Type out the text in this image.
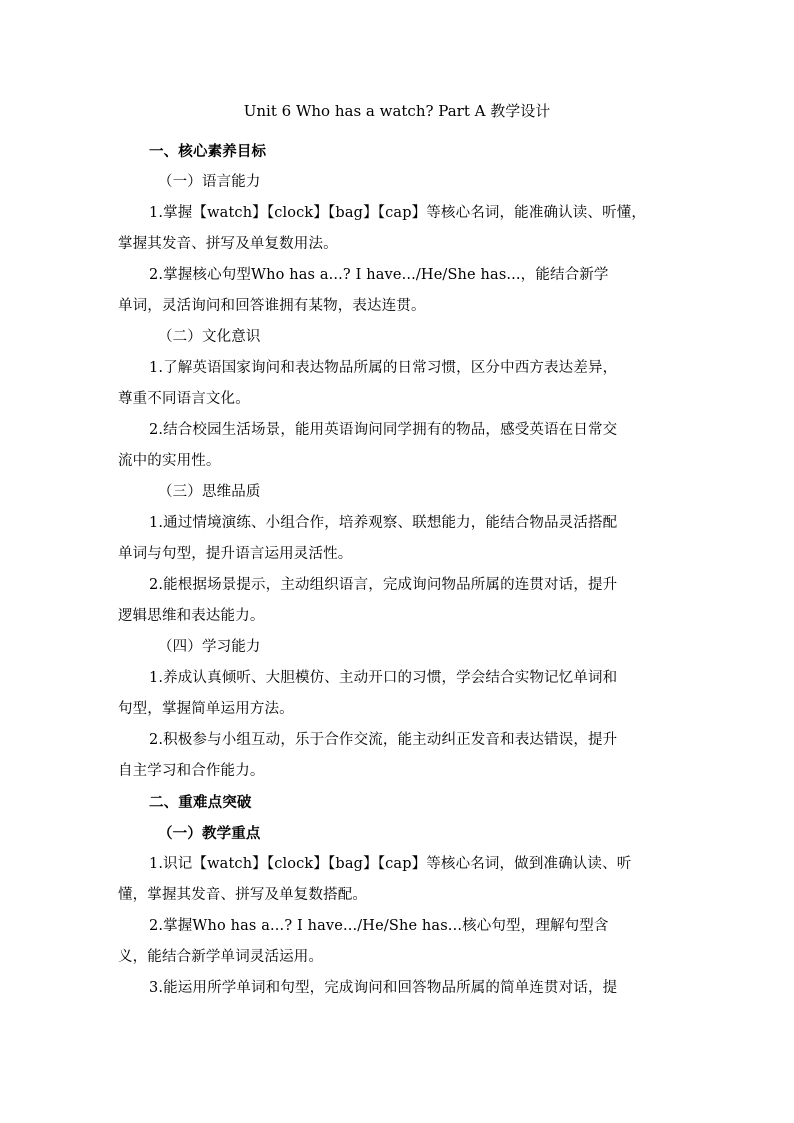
Unit 6 Who has a watch? Part A 教学设计

一、核心素养目标

（一）语言能力

1.掌握【watch】【clock】【bag】【cap】等核心名词，能准确认读、听懂，

掌握其发音、拼写及单复数用法。

2.掌握核心句型Who has a...? I have.../He/She has...，能结合新学

单词，灵活询问和回答谁拥有某物，表达连贯。

（二）文化意识

1.了解英语国家询问和表达物品所属的日常习惯，区分中西方表达差异，

尊重不同语言文化。

2.结合校园生活场景，能用英语询问同学拥有的物品，感受英语在日常交

流中的实用性。

（三）思维品质

1.通过情境演练、小组合作，培养观察、联想能力，能结合物品灵活搭配

单词与句型，提升语言运用灵活性。

2.能根据场景提示，主动组织语言，完成询问物品所属的连贯对话，提升

逻辑思维和表达能力。

（四）学习能力

1.养成认真倾听、大胆模仿、主动开口的习惯，学会结合实物记忆单词和

句型，掌握简单运用方法。

2.积极参与小组互动，乐于合作交流，能主动纠正发音和表达错误，提升

自主学习和合作能力。

二、重难点突破

（一）教学重点

1.识记【watch】【clock】【bag】【cap】等核心名词，做到准确认读、听

懂，掌握其发音、拼写及单复数搭配。

2.掌握Who has a...? I have.../He/She has...核心句型，理解句型含

义，能结合新学单词灵活运用。

3.能运用所学单词和句型，完成询问和回答物品所属的简单连贯对话，提
